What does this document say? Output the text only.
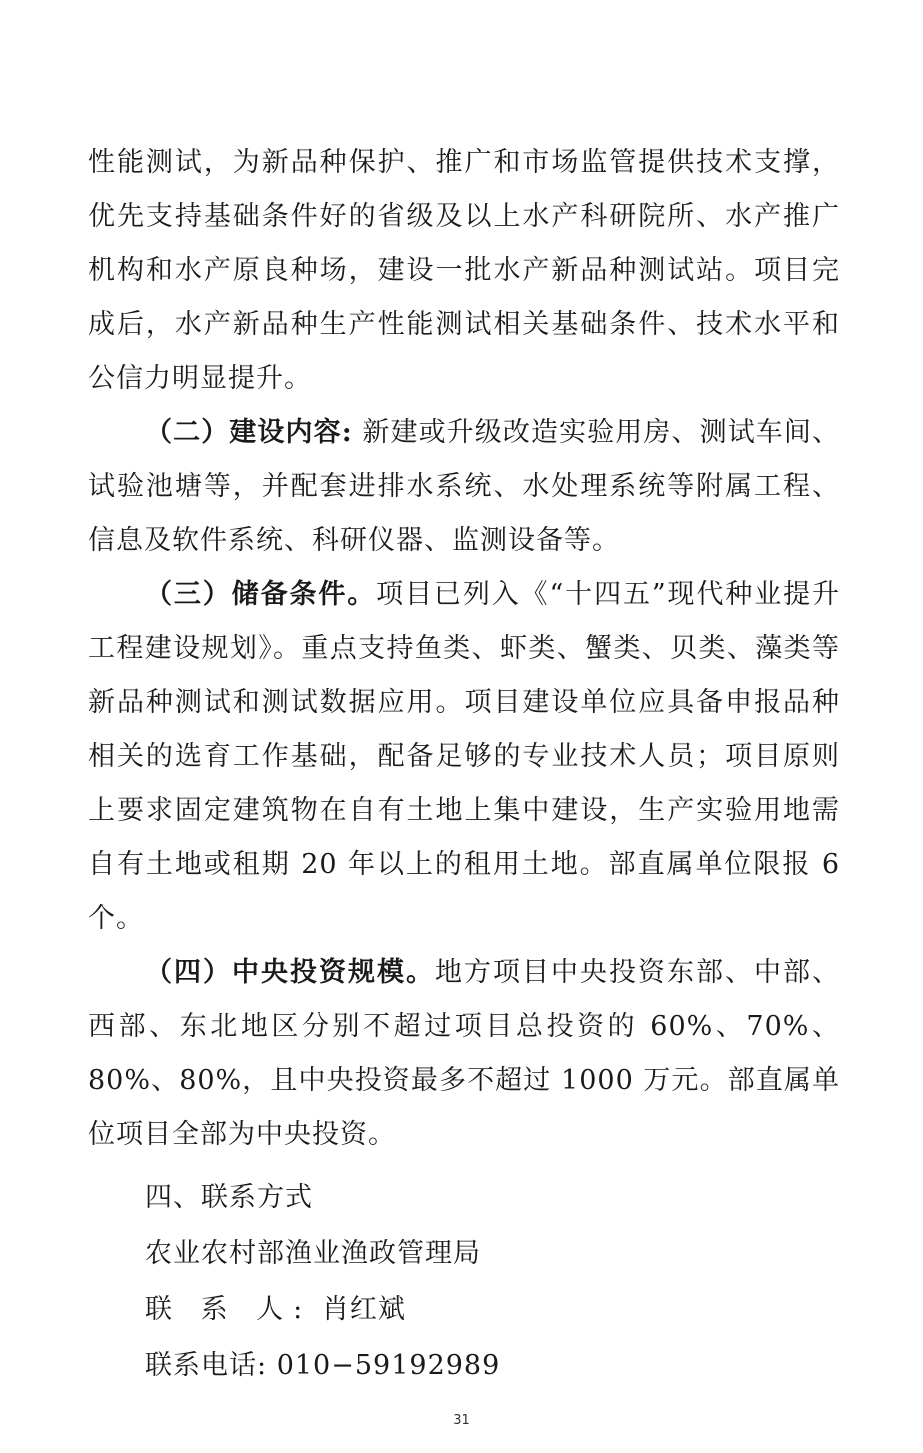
性能测试，为新品种保护、推广和市场监管提供技术支撑，优先支持基础条件好的省级及以上水产科研院所、水产推广机构和水产原良种场，建设一批水产新品种测试站。项目完成后，水产新品种生产性能测试相关基础条件、技术水平和公信力明显提升。

（二）建设内容: 新建或升级改造实验用房、测试车间、试验池塘等，并配套进排水系统、水处理系统等附属工程、信息及软件系统、科研仪器、监测设备等。

（三）储备条件。项目已列入《“十四五”现代种业提升工程建设规划》。重点支持鱼类、虾类、蟹类、贝类、藻类等新品种测试和测试数据应用。项目建设单位应具备申报品种相关的选育工作基础，配备足够的专业技术人员；项目原则上要求固定建筑物在自有土地上集中建设，生产实验用地需自有土地或租期 20 年以上的租用土地。部直属单位限报 6 个。

（四）中央投资规模。地方项目中央投资东部、中部、西部、东北地区分别不超过项目总投资的 60%、70%、80%、80%，且中央投资最多不超过 1000 万元。部直属单位项目全部为中央投资。

四、联系方式
农业农村部渔业渔政管理局
联 系 人: 肖红斌
联系电话: 010−59192989
31
